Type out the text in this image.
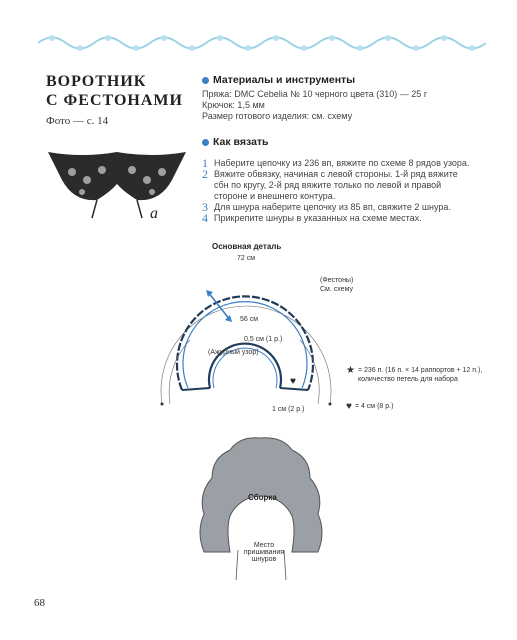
ВОРОТНИК
С ФЕСТОНАМИ
Фото — с. 14
a
Материалы и инструменты
Пряжа: DMC Cebelia № 10 черного цвета (310) — 25 г
Крючок: 1,5 мм
Размер готового изделия: см. схему
Как вязать
1 Наберите цепочку из 236 вп, вяжите по схеме 8 рядов узора.
2 Вяжите обвязку, начиная с левой стороны. 1-й ряд вяжите сбн по кругу, 2-й ряд вяжите только по левой и правой стороне и внешнего контура.
3 Для шнура наберите цепочку из 85 вп, свяжите 2 шнура.
4 Прикрепите шнуры в указанных на схеме местах.
Основная деталь
♥
72 см
(Фестоны)
См. схему
56 см
0,5 см (1 р.)
(Ажурный узор)
1 см (2 р.)
★ = 236 п. (16 п. × 14 раппортов + 12 п.),
количество петель для набора
♥ = 4 см (8 р.)
Сборка
Место
пришивания
шнуров
68
